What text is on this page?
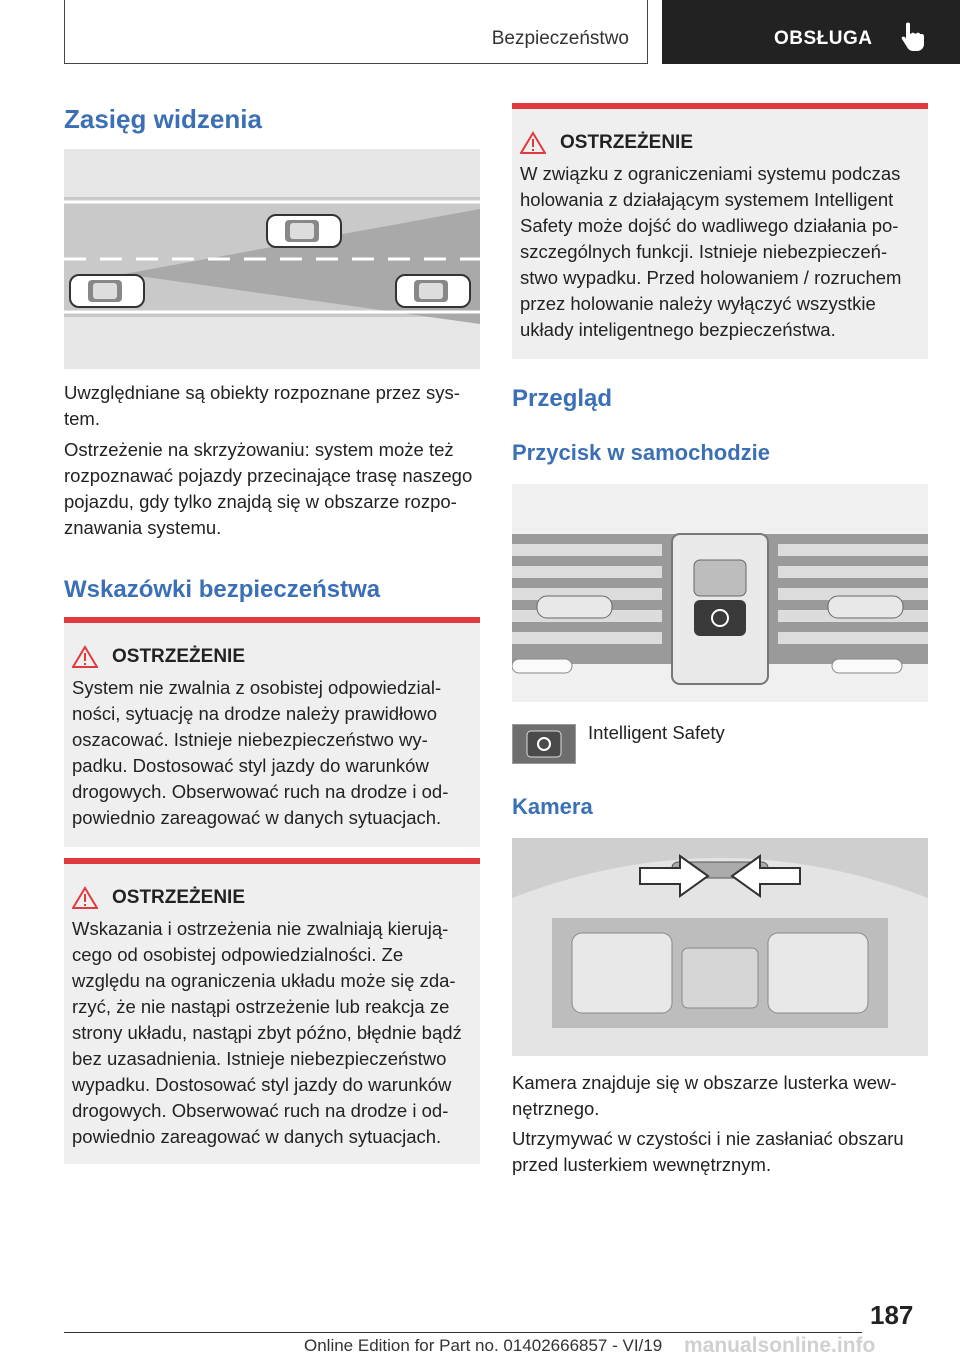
Bezpieczeństwo	OBSŁUGA
Zasięg widzenia

Uwzględniane są obiekty rozpoznane przez sys-
tem.

Ostrzeżenie na skrzyżowaniu: system może też
rozpoznawać pojazdy przecinające trasę naszego
pojazdu, gdy tylko znajdą się w obszarze rozpo-
znawania systemu.

Wskazówki bezpieczeństwa
OSTRZEŻENIE
System nie zwalnia z osobistej odpowiedzial-
ności, sytuację na drodze należy prawidłowo
oszacować. Istnieje niebezpieczeństwo wy-
padku. Dostosować styl jazdy do warunków
drogowych. Obserwować ruch na drodze i od-
powiednio zareagować w danych sytuacjach.
OSTRZEŻENIE
Wskazania i ostrzeżenia nie zwalniają kierują-
cego od osobistej odpowiedzialności. Ze
względu na ograniczenia układu może się zda-
rzyć, że nie nastąpi ostrzeżenie lub reakcja ze
strony układu, nastąpi zbyt późno, błędnie bądź
bez uzasadnienia. Istnieje niebezpieczeństwo
wypadku. Dostosować styl jazdy do warunków
drogowych. Obserwować ruch na drodze i od-
powiednio zareagować w danych sytuacjach.
OSTRZEŻENIE
W związku z ograniczeniami systemu podczas
holowania z działającym systemem Intelligent
Safety może dojść do wadliwego działania po-
szczególnych funkcji. Istnieje niebezpieczeń-
stwo wypadku. Przed holowaniem / rozruchem
przez holowanie należy wyłączyć wszystkie
układy inteligentnego bezpieczeństwa.
Przegląd
Przycisk w samochodzie
Intelligent Safety
Kamera

Kamera znajduje się w obszarze lusterka wew-
nętrznego.

Utrzymywać w czystości i nie zasłaniać obszaru
przed lusterkiem wewnętrznym.

187
Online Edition for Part no. 01402666857 - VI/19 manualsonline.info
